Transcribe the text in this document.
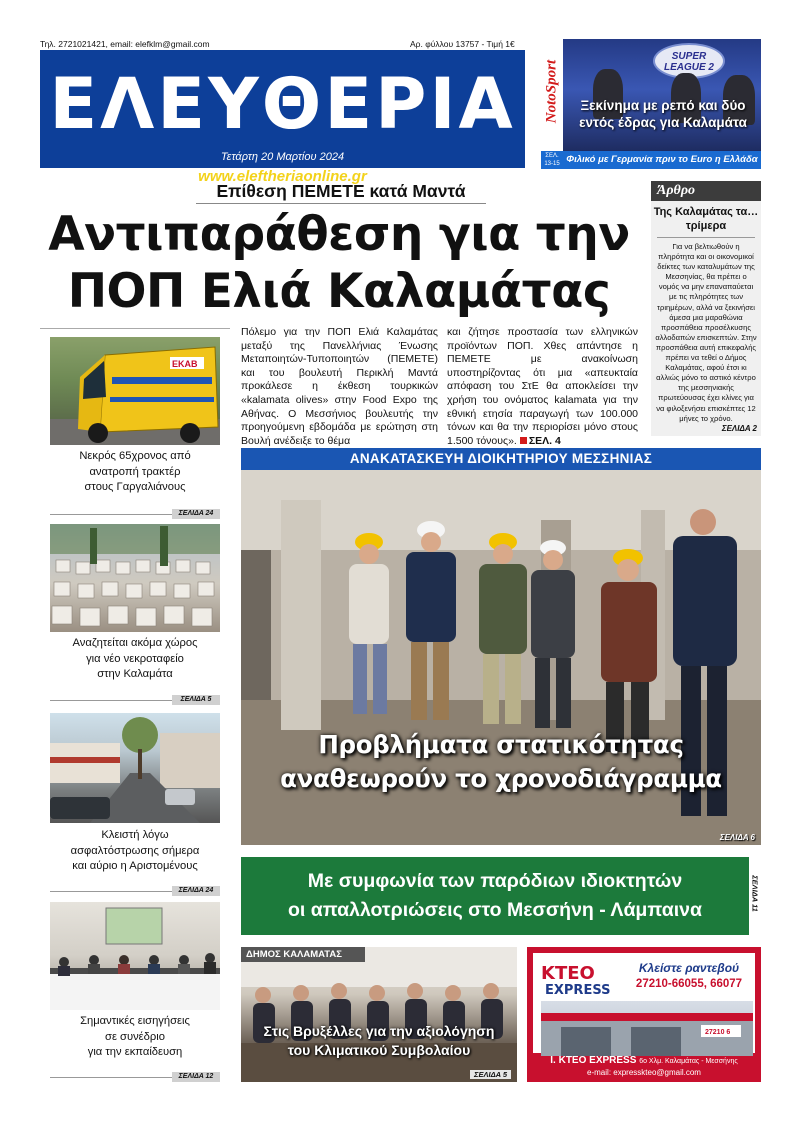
Τηλ. 2721021421, email: elefklm@gmail.com	Αρ. φύλλου 13757 - Τιμή 1€
ΕΛΕΥΘΕΡΙΑ
Τετάρτη 20 Μαρτίου 2024
www.eleftheriaonline.gr
NotoSport
ΣΕΛ. 13-15
SUPER LEAGUE 2
Ξεκίνημα με ρεπό και δύο
εντός έδρας για Καλαμάτα
Φιλικό με Γερμανία πριν το Euro η Ελλάδα
Επίθεση ΠΕΜΕΤΕ κατά Μαντά
Αντιπαράθεση για την
ΠΟΠ Ελιά Καλαμάτας
Πόλεμο για την ΠΟΠ Ελιά Καλαμάτας μεταξύ της Πανελλήνιας Ένωσης Μεταποιητών-Τυποποιητών (ΠΕΜΕΤΕ) και του βουλευτή Περικλή Μαντά προκάλεσε η έκθεση τουρκικών «kalamata olives» στην Food Expo της Αθήνας. Ο Μεσσήνιος βουλευτής την προηγούμενη εβδομάδα με ερώτηση στη Βουλή ανέδειξε το θέμα
και ζήτησε προστασία των ελληνικών προϊόντων ΠΟΠ. Χθες απάντησε η ΠΕΜΕΤΕ με ανακοίνωση υποστηρίζοντας ότι μια «απευκταία απόφαση του ΣτΕ θα αποκλείσει την χρήση του ονόματος kalamata για την εθνική ετησία παραγωγή των 100.000 τόνων και θα την περιορίσει μόνο στους 1.500 τόνους». ΣΕΛ. 4
Άρθρο
Της Καλαμάτας τα… τρίμερα
Για να βελτιωθούν η πληρότητα και οι οικονομικοί δείκτες των καταλυμάτων της Μεσσηνίας, θα πρέπει ο νομός να μην επαναπαύεται με τις πληρότητες των τριημέρων, αλλά να ξεκινήσει άμεσα μια μαραθώνια προσπάθεια προσέλκυσης αλλοδαπών επισκεπτών. Στην προσπάθεια αυτή επικεφαλής πρέπει να τεθεί ο Δήμος Καλαμάτας, αφού έτσι κι αλλιώς μόνο το αστικό κέντρο της μεσσηνιακής πρωτεύουσας έχει κλίνες για να φιλοξενήσει επισκέπτες 12 μήνες το χρόνο.
ΣΕΛΙΔΑ 2
ΕΚΑΒ
Νεκρός 65χρονος από
ανατροπή τρακτέρ
στους Γαργαλιάνους
ΣΕΛΙΔΑ 24
Αναζητείται ακόμα χώρος
για νέο νεκροταφείο
στην Καλαμάτα
ΣΕΛΙΔΑ 5
Κλειστή λόγω
ασφαλτόστρωσης σήμερα
και αύριο η Αριστομένους
ΣΕΛΙΔΑ 24
Σημαντικές εισηγήσεις
σε συνέδριο
για την εκπαίδευση
ΣΕΛΙΔΑ 12
ΑΝΑΚΑΤΑΣΚΕΥΗ ΔΙΟΙΚΗΤΗΡΙΟΥ ΜΕΣΣΗΝΙΑΣ
Προβλήματα στατικότητας
αναθεωρούν το χρονοδιάγραμμα
ΣΕΛΙΔΑ 6
Με συμφωνία των παρόδιων ιδιοκτητών
οι απαλλοτριώσεις στο Μεσσήνη - Λάμπαινα	ΣΕΛΙΔΑ 11
Στις Βρυξέλλες για την αξιολόγηση
του Κλιματικού Συμβολαίου
ΣΕΛΙΔΑ 5
ΔΗΜΟΣ ΚΑΛΑΜΑΤΑΣ
ΚΤΕΟ
EXPRESS
Κλείστε ραντεβού
27210-66055, 66077
27210 6
Ι. ΚΤΕΟ EXPRESS 6ο Χλμ. Καλαμάτας - Μεσσήνης
e-mail: expresskteo@gmail.com
